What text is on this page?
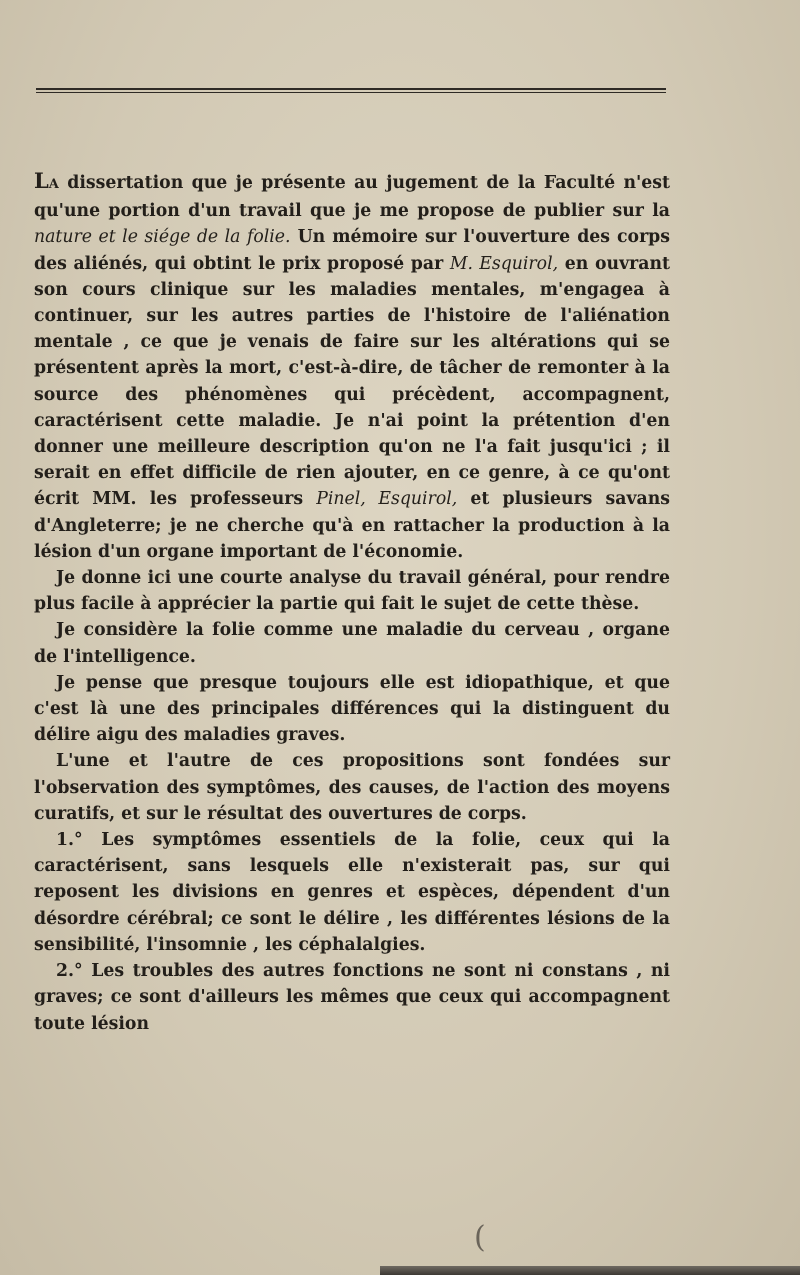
LA dissertation que je présente au jugement de la Faculté n'est qu'une portion d'un travail que je me propose de publier sur la nature et le siége de la folie. Un mémoire sur l'ouverture des corps des aliénés, qui obtint le prix proposé par M. Esquirol, en ouvrant son cours clinique sur les maladies mentales, m'engagea à continuer, sur les autres parties de l'histoire de l'aliénation mentale , ce que je venais de faire sur les altérations qui se présentent après la mort, c'est-à-dire, de tâcher de remonter à la source des phénomènes qui précèdent, accompagnent, caractérisent cette maladie. Je n'ai point la prétention d'en donner une meilleure description qu'on ne l'a fait jusqu'ici ; il serait en effet difficile de rien ajouter, en ce genre, à ce qu'ont écrit MM. les professeurs Pinel, Esquirol, et plusieurs savans d'Angleterre; je ne cherche qu'à en rattacher la production à la lésion d'un organe important de l'économie.

Je donne ici une courte analyse du travail général, pour rendre plus facile à apprécier la partie qui fait le sujet de cette thèse.

Je considère la folie comme une maladie du cerveau , organe de l'intelligence.

Je pense que presque toujours elle est idiopathique, et que c'est là une des principales différences qui la distinguent du délire aigu des maladies graves.

L'une et l'autre de ces propositions sont fondées sur l'observation des symptômes, des causes, de l'action des moyens curatifs, et sur le résultat des ouvertures de corps.

1.° Les symptômes essentiels de la folie, ceux qui la caractérisent, sans lesquels elle n'existerait pas, sur qui reposent les divisions en genres et espèces, dépendent d'un désordre cérébral; ce sont le délire , les différentes lésions de la sensibilité, l'insomnie , les céphalalgies.

2.° Les troubles des autres fonctions ne sont ni constans , ni graves; ce sont d'ailleurs les mêmes que ceux qui accompagnent toute lésion

(
